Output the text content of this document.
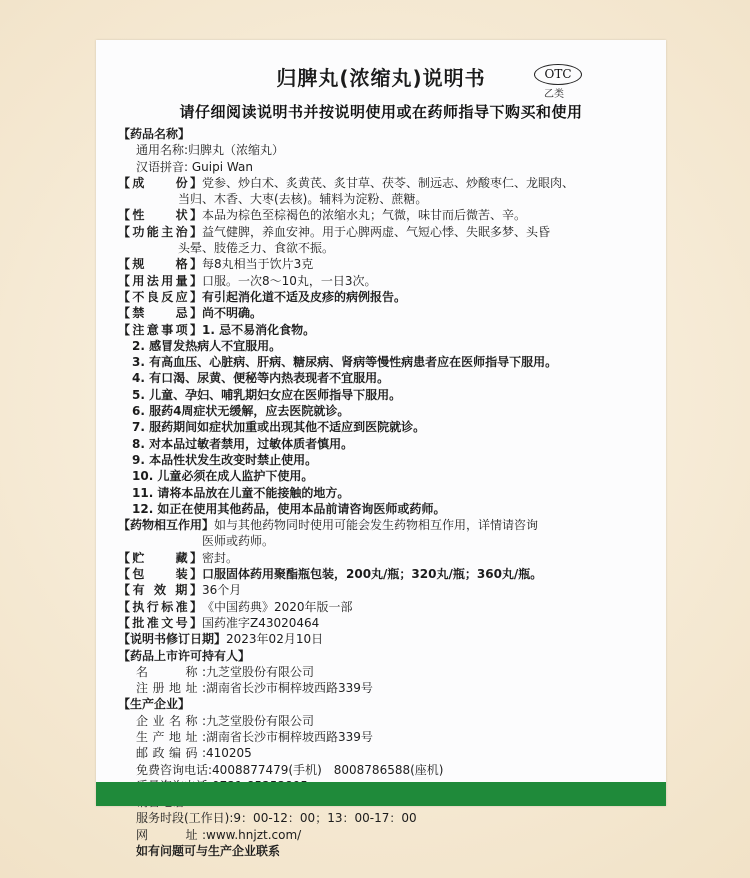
归脾丸(浓缩丸)说明书	OTC
乙类
请仔细阅读说明书并按说明使用或在药师指导下购买和使用
【药品名称】
通用名称:归脾丸（浓缩丸）
汉语拼音: Guipi Wan
【成　　份】党参、炒白术、炙黄芪、炙甘草、茯苓、制远志、炒酸枣仁、龙眼肉、
当归、木香、大枣(去核)。辅料为淀粉、蔗糖。
【性　　状】本品为棕色至棕褐色的浓缩水丸；气微，味甘而后微苦、辛。
【功能主治】益气健脾，养血安神。用于心脾两虚、气短心悸、失眠多梦、头昏
头晕、肢倦乏力、食欲不振。
【规　　格】每8丸相当于饮片3克
【用法用量】口服。一次8～10丸，一日3次。
【不良反应】有引起消化道不适及皮疹的病例报告。
【禁　　忌】尚不明确。
【注意事项】1. 忌不易消化食物。
2. 感冒发热病人不宜服用。
3. 有高血压、心脏病、肝病、糖尿病、肾病等慢性病患者应在医师指导下服用。
4. 有口渴、尿黄、便秘等内热表现者不宜服用。
5. 儿童、孕妇、哺乳期妇女应在医师指导下服用。
6. 服药4周症状无缓解，应去医院就诊。
7. 服药期间如症状加重或出现其他不适应到医院就诊。
8. 对本品过敏者禁用，过敏体质者慎用。
9. 本品性状发生改变时禁止使用。
10. 儿童必须在成人监护下使用。
11. 请将本品放在儿童不能接触的地方。
12. 如正在使用其他药品，使用本品前请咨询医师或药师。
【药物相互作用】如与其他药物同时使用可能会发生药物相互作用，详情请咨询
医师或药师。
【贮　　藏】密封。
【包　　装】口服固体药用聚酯瓶包装，200丸/瓶；320丸/瓶；360丸/瓶。
【有 效 期】36个月
【执行标准】《中国药典》2020年版一部
【批准文号】国药准字Z43020464
【说明书修订日期】2023年02月10日
【药品上市许可持有人】
名　　称:九芝堂股份有限公司
注册地址:湖南省长沙市桐梓坡西路339号
【生产企业】
企业名称:九芝堂股份有限公司
生产地址:湖南省长沙市桐梓坡西路339号
邮政编码:410205
免费咨询电话:4008877479(手机)　8008786588(座机)
服务时段(工作日):9：00-12：00；13：00-17：00
网　　址:www.hnjzt.com/
如有问题可与生产企业联系
